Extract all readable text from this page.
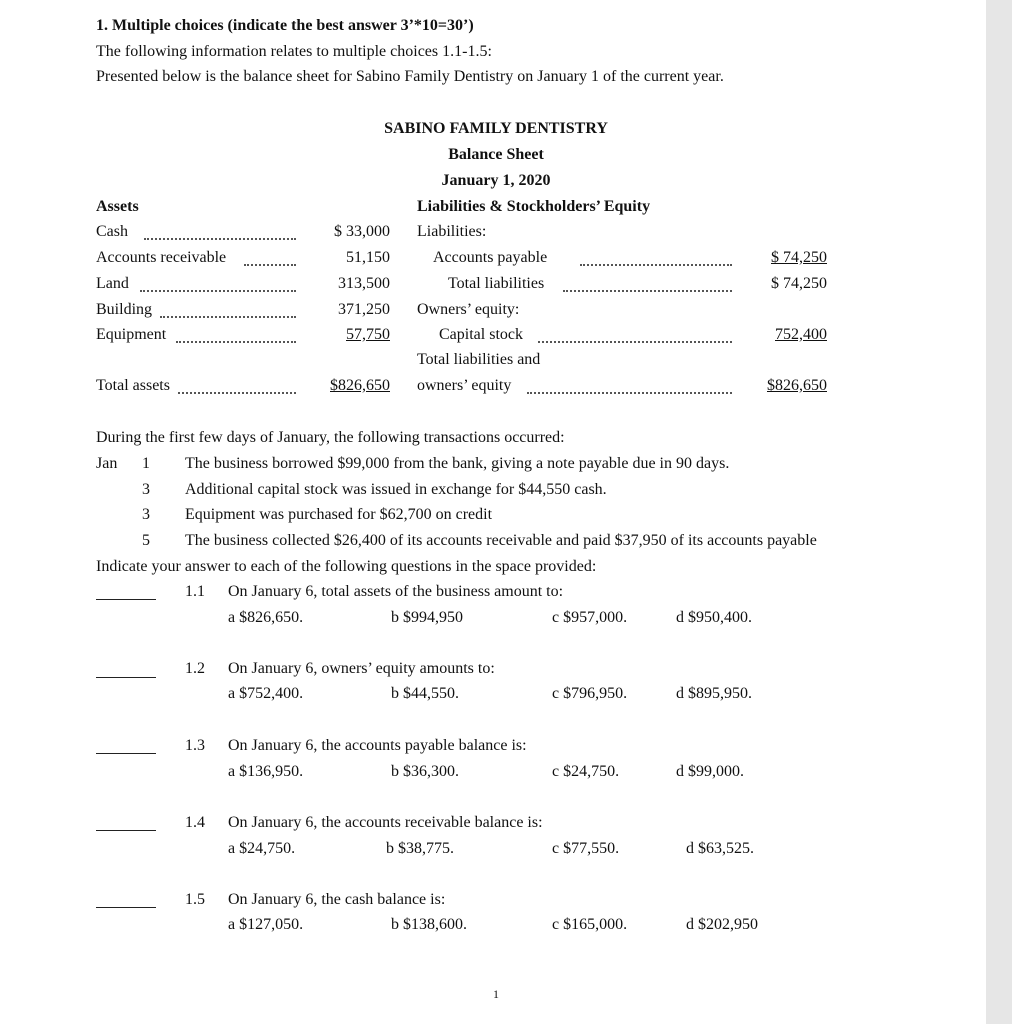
1. Multiple choices (indicate the best answer 3’*10=30’)
The following information relates to multiple choices 1.1-1.5:
Presented below is the balance sheet for Sabino Family Dentistry on January 1 of the current year.
SABINO FAMILY DENTISTRY
Balance Sheet
January 1, 2020
Assets	Liabilities & Stockholders’ Equity
Cash	$ 33,000
Accounts receivable	51,150
Land	313,500
Building	371,250
Equipment	57,750
Total assets	$826,650
Liabilities:
Accounts payable	$ 74,250
Total liabilities	$ 74,250
Owners’ equity:
Capital stock	752,400
Total liabilities and
owners’ equity	$826,650
During the first few days of January, the following transactions occurred:
Jan	1 The business borrowed $99,000 from the bank, giving a note payable due in 90 days.
3 Additional capital stock was issued in exchange for $44,550 cash.
3 Equipment was purchased for $62,700 on credit
5 The business collected $26,400 of its accounts receivable and paid $37,950 of its accounts payable
Indicate your answer to each of the following questions in the space provided:
1.1 On January 6, total assets of the business amount to:
a $826,650.	b $994,950	c $957,000.	d $950,400.
1.2 On January 6, owners’ equity amounts to:
a $752,400.	b $44,550.	c $796,950.	d $895,950.
1.3 On January 6, the accounts payable balance is:
a $136,950.	b $36,300.	c $24,750.	d $99,000.
1.4 On January 6, the accounts receivable balance is:
a $24,750.	b $38,775.	c $77,550.	d $63,525.
1.5 On January 6, the cash balance is:
a $127,050.	b $138,600.	c $165,000.	d $202,950
1
